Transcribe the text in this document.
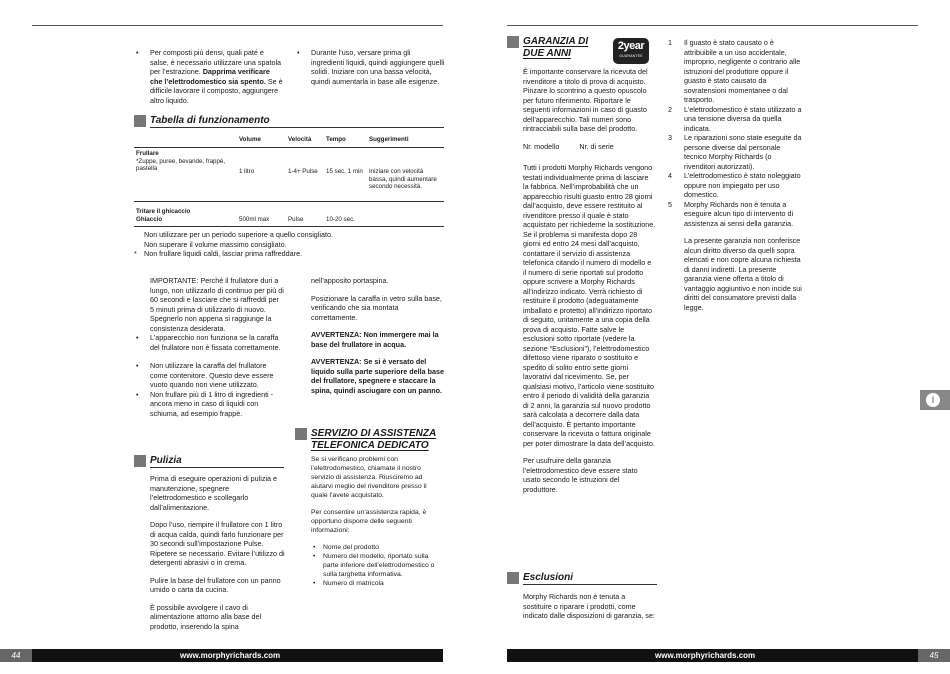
• Per composti più densi, quali paté e salse, è necessario utilizzare una spatola per l’estrazione. Dapprima verificare che l’elettrodomestico sia spento. Se è difficile lavorare il composto, aggiungere altro liquido.
• Durante l’uso, versare prima gli ingredienti liquidi, quindi aggiungere quelli solidi. Iniziare con una bassa velocità, quindi aumentarla in base alle esigenze.
Tabella di funzionamento
	Volume	Velocità	Tempo	Suggerimenti

Frullare
*Zuppe, puree, bevande, frappè, pastella	1 litro	1-4+ Pulse	15 sec. 1 min	Iniziare con velocità bassa, quindi aumentare secondo necessità.

Tritare il ghicaccio
Ghiaccio	500ml max	Pulse	10-20 sec.	

Non utilizzare per un periodo superiore a quello consigliato.
Non superare il volume massimo consigliato.
* Non frullare liquidi caldi, lasciar prima raffreddare.
IMPORTANTE: Perché il frullatore duri a lungo, non utilizzarlo di continuo per più di 60 secondi e lasciare che si raffreddi per 5 minuti prima di utilizzarlo di nuovo. Spegnerlo non appena si raggiunge la consistenza desiderata.
• L’apparecchio non funziona se la caraffa del frullatore non è fissata correttamente.
• Non utilizzare la caraffa del frullatore come contenitore. Questo deve essere vuoto quando non viene utilizzato.
• Non frullare più di 1 litro di ingredienti - ancora meno in caso di liquidi con schiuma, ad esempio frappè.
Pulizia
Prima di eseguire operazioni di pulizia e manutenzione, spegnere l’elettrodomestico e scollegarlo dall’alimentazione.
Dopo l’uso, riempire il frullatore con 1 litro di acqua calda, quindi farlo funzionare per 30 secondi sull’impostazione Pulse. Ripetere se necessario. Evitare l’utilizzo di detergenti abrasivi o in crema.
Pulire la base del frullatore con un panno umido o carta da cucina.
È possibile avvolgere il cavo di alimentazione attorno alla base del prodotto, inserendo la spina
nell’apposito portaspina.
Posizionare la caraffa in vetro sulla base, verificando che sia montata correttamente.
AVVERTENZA: Non immergere mai la base del frullatore in acqua.
AVVERTENZA: Se si è versato del liquido sulla parte superiore della base del frullatore, spegnere e staccare la spina, quindi asciugare con un panno.
SERVIZIO DI ASSISTENZA TELEFONICA DEDICATO
Se si verificano problemi con l’elettrodomestico, chiamate il nostro servizio di assistenza. Riusciremo ad aiutarvi meglio del rivenditore presso il quale l’avete acquistato.
Per consentire un’assistenza rapida, è opportuno disporre delle seguenti informazioni:
• Nome del prodotto
• Numero del modello, riportato sulla parte inferiore dell’elettrodomestico o sulla targhetta informativa.
• Numero di matricola
44	www.morphyrichards.com
GARANZIA DI DUE ANNI
2year
GUARANTEE
È importante conservare la ricevuta del rivenditore a titolo di prova di acquisto. Pinzare lo scontrino a questo opuscolo per futuro riferimento. Riportare le seguenti informazioni in caso di guasto dell’apparecchio. Tali numeri sono rintracciabili sulla base del prodotto.
Nr. modello	Nr. di serie
Tutti i prodotti Morphy Richards vengono testati individualmente prima di lasciare la fabbrica. Nell’improbabilità che un apparecchio risulti guasto entro 28 giorni dall’acquisto, deve essere restituito al rivenditore presso il quale è stato acquistato per richiederne la sostituzione. Se il problema si manifesta dopo 28 giorni ed entro 24 mesi dall’acquisto, contattare il servizio di assistenza telefonica citando il numero di modello e il numero di serie riportati sul prodotto oppure scrivere a Morphy Richards all’indirizzo indicato. Verrà richiesto di restituire il prodotto (adeguatamente imballato e protetto) all’indirizzo riportato di seguito, unitamente a una copia della prova di acquisto. Fatte salve le esclusioni sotto riportate (vedere la sezione “Esclusioni”), l’elettrodomestico difettoso viene riparato o sostituito e spedito di solito entro sette giorni lavorativi dal ricevimento. Se, per qualsiasi motivo, l’articolo viene sostituito entro il periodo di validità della garanzia di 2 anni, la garanzia sul nuovo prodotto sarà calcolata a decorrere dalla data dell’acquisto. È pertanto importante conservare la ricevuta o fattura originale per poter dimostrare la data dell’acquisto.
Per usufruire della garanzia l’elettrodomestico deve essere stato usato secondo le istruzioni del produttore.
Esclusioni
Morphy Richards non è tenuta a sostituire o riparare i prodotti, come indicato dalle disposizioni di garanzia, se:
1 Il guasto è stato causato o è attribuibile a un uso accidentale, improprio, negligente o contrario alle istruzioni del produttore oppure il guasto è stato causato da sovratensioni momentanee o dal trasporto.
2 L’elettrodomestico è stato utilizzato a una tensione diversa da quella indicata.
3 Le riparazioni sono state eseguite da persone diverse dal personale tecnico Morphy Richards (o rivenditori autorizzati).
4 L’elettrodomestico è stato noleggiato oppure non impiegato per uso domestico.
5 Morphy Richards non è tenuta a eseguire alcun tipo di intervento di assistenza ai sensi della garanzia.
La presente garanzia non conferisce alcun diritto diverso da quelli sopra elencati e non copre alcuna richiesta di danni indiretti. La presente garanzia viene offerta a titolo di vantaggio aggiuntivo e non incide sui diritti del consumatore previsti dalla legge.
I
www.morphyrichards.com	45
